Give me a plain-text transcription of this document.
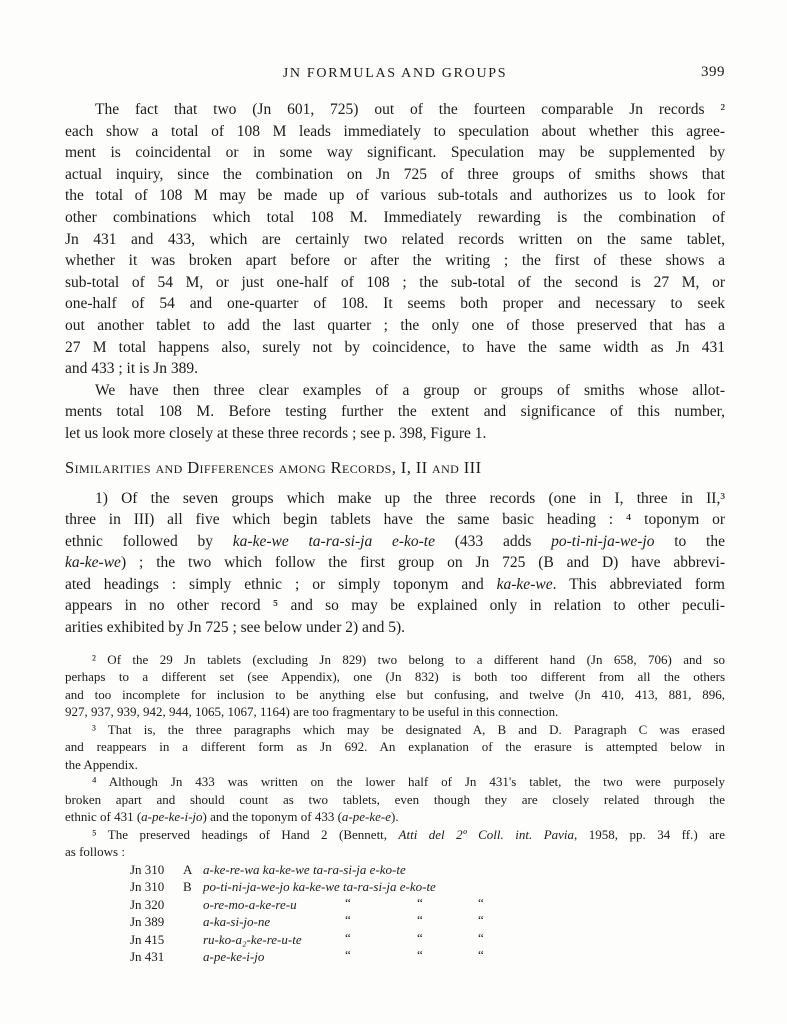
JN FORMULAS AND GROUPS	399
The fact that two (Jn 601, 725) out of the fourteen comparable Jn records ²
each show a total of 108 M leads immediately to speculation about whether this agree-
ment is coincidental or in some way significant. Speculation may be supplemented by
actual inquiry, since the combination on Jn 725 of three groups of smiths shows that
the total of 108 M may be made up of various sub-totals and authorizes us to look for
other combinations which total 108 M. Immediately rewarding is the combination of
Jn 431 and 433, which are certainly two related records written on the same tablet,
whether it was broken apart before or after the writing ; the first of these shows a
sub-total of 54 M, or just one-half of 108 ; the sub-total of the second is 27 M, or
one-half of 54 and one-quarter of 108. It seems both proper and necessary to seek
out another tablet to add the last quarter ; the only one of those preserved that has a
27 M total happens also, surely not by coincidence, to have the same width as Jn 431
and 433 ; it is Jn 389.
We have then three clear examples of a group or groups of smiths whose allot-
ments total 108 M. Before testing further the extent and significance of this number,
let us look more closely at these three records ; see p. 398, Figure 1.
Similarities and Differences among Records, I, II and III
1) Of the seven groups which make up the three records (one in I, three in II,³
three in III) all five which begin tablets have the same basic heading : ⁴ toponym or
ethnic followed by ka-ke-we ta-ra-si-ja e-ko-te (433 adds po-ti-ni-ja-we-jo to the
ka-ke-we) ; the two which follow the first group on Jn 725 (B and D) have abbrevi-
ated headings : simply ethnic ; or simply toponym and ka-ke-we. This abbreviated form
appears in no other record ⁵ and so may be explained only in relation to other peculi-
arities exhibited by Jn 725 ; see below under 2) and 5).
² Of the 29 Jn tablets (excluding Jn 829) two belong to a different hand (Jn 658, 706) and so
perhaps to a different set (see Appendix), one (Jn 832) is both too different from all the others
and too incomplete for inclusion to be anything else but confusing, and twelve (Jn 410, 413, 881, 896,
927, 937, 939, 942, 944, 1065, 1067, 1164) are too fragmentary to be useful in this connection.
³ That is, the three paragraphs which may be designated A, B and D. Paragraph C was erased
and reappears in a different form as Jn 692. An explanation of the erasure is attempted below in
the Appendix.
⁴ Although Jn 433 was written on the lower half of Jn 431's tablet, the two were purposely
broken apart and should count as two tablets, even though they are closely related through the
ethnic of 431 (a-pe-ke-i-jo) and the toponym of 433 (a-pe-ke-e).
⁵ The preserved headings of Hand 2 (Bennett, Atti del 2º Coll. int. Pavia, 1958, pp. 34 ff.) are
as follows :
Jn 310 A a-ke-re-wa ka-ke-we ta-ra-si-ja e-ko-te
Jn 310 B po-ti-ni-ja-we-jo ka-ke-we ta-ra-si-ja e-ko-te
Jn 320	o-re-mo-a-ke-re-u	“	“	“
Jn 389	a-ka-si-jo-ne	“	“	“
Jn 415	ru-ko-a₂-ke-re-u-te	“	“	“
Jn 431	a-pe-ke-i-jo	“	“	“
